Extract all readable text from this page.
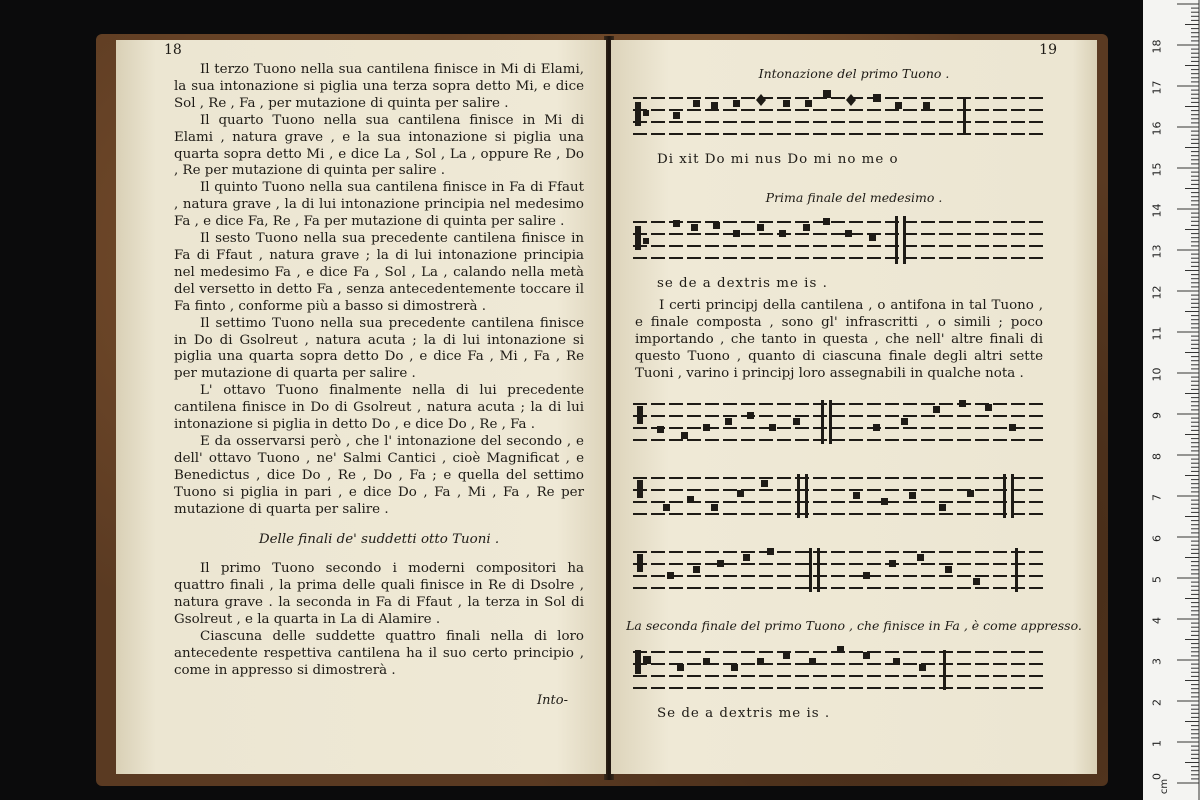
18

Il terzo Tuono nella sua cantilena finisce in Mi di Elami, la sua intonazione si piglia una terza sopra detto Mi, e dice Sol , Re , Fa , per mutazione di quinta per salire .

Il quarto Tuono nella sua cantilena finisce in Mi di Elami , natura grave , e la sua intonazione si piglia una quarta sopra detto Mi , e dice La , Sol , La , oppure Re , Do , Re per mutazione di quinta per salire .

Il quinto Tuono nella sua cantilena finisce in Fa di Ffaut , natura grave , la di lui intonazione principia nel medesimo Fa , e dice Fa, Re , Fa per mutazione di quinta per salire .

Il sesto Tuono nella sua precedente cantilena finisce in Fa di Ffaut , natura grave ; la di lui intonazione principia nel medesimo Fa , e dice Fa , Sol , La , calando nella metà del versetto in detto Fa , senza antecedentemente toccare il Fa finto , conforme più a basso si dimostrerà .

Il settimo Tuono nella sua precedente cantilena finisce in Do di Gsolreut , natura acuta ; la di lui intonazione si piglia una quarta sopra detto Do , e dice Fa , Mi , Fa , Re per mutazione di quarta per salire .

L' ottavo Tuono finalmente nella di lui precedente cantilena finisce in Do di Gsolreut , natura acuta ; la di lui intonazione si piglia in detto Do , e dice Do , Re , Fa .

E da osservarsi però , che l' intonazione del secondo , e dell' ottavo Tuono , ne' Salmi Cantici , cioè Magnificat , e Benedictus , dice Do , Re , Do , Fa ; e quella del settimo Tuono si piglia in pari , e dice Do , Fa , Mi , Fa , Re per mutazione di quarta per salire .

Delle finali de' suddetti otto Tuoni .

Il primo Tuono secondo i moderni compositori ha quattro finali , la prima delle quali finisce in Re di Dsolre , natura grave . la seconda in Fa di Ffaut , la terza in Sol di Gsolreut , e la quarta in La di Alamire .

Ciascuna delle suddette quattro finali nella di loro antecedente respettiva cantilena ha il suo certo principio , come in appresso si dimostrerà .

Into-
19
Intonazione del primo Tuono .
Di xit Do mi nus Do mi no me o
Prima finale del medesimo .
se de a dextris me is .
I certi principj della cantilena , o antifona in tal Tuono , e finale composta , sono gl' infrascritti , o simili ; poco importando , che tanto in questa , che nell' altre finali di questo Tuono , quanto di ciascuna finale degli altri sette Tuoni , varino i principj loro assegnabili in qualche nota .
La seconda finale del primo Tuono , che finisce in Fa , è come appresso.
Se de a dextris me is .
18
17
16
15
14
13
12
11
10
9
8
7
6
5
4
3
2
1
0
cm
